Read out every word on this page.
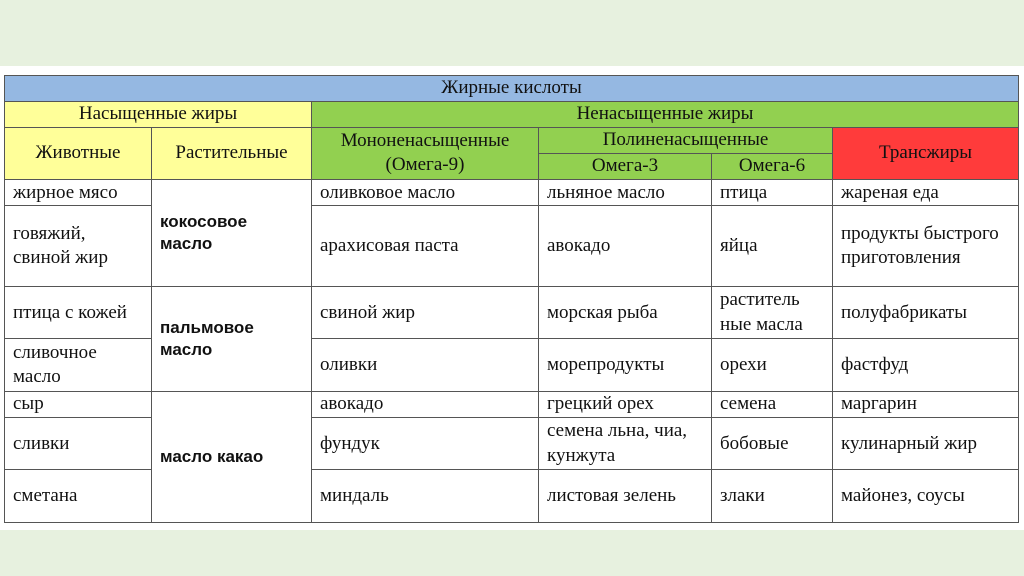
Жирные кислоты					
Насыщенные жиры		Ненасыщенные жиры			
Животные	Растительные	Мононенасыщенные (Омега-9)	Полиненасыщенные		Трансжиры
			Омега-3	Омега-6	
жирное мясо	кокосовое масло	оливковое масло	льняное масло	птица	жареная еда
говяжий, свиной жир		арахисовая паста	авокадо	яйца	продукты быстрого приготовления
птица с кожей	пальмовое масло	свиной жир	морская рыба	раститель ные масла	полуфабрикаты
сливочное масло		оливки	морепродукты	орехи	фастфуд
сыр	масло какао	авокадо	грецкий орех	семена	маргарин
сливки		фундук	семена льна, чиа, кунжута	бобовые	кулинарный жир
сметана		миндаль	листовая зелень	злаки	майонез, соусы
